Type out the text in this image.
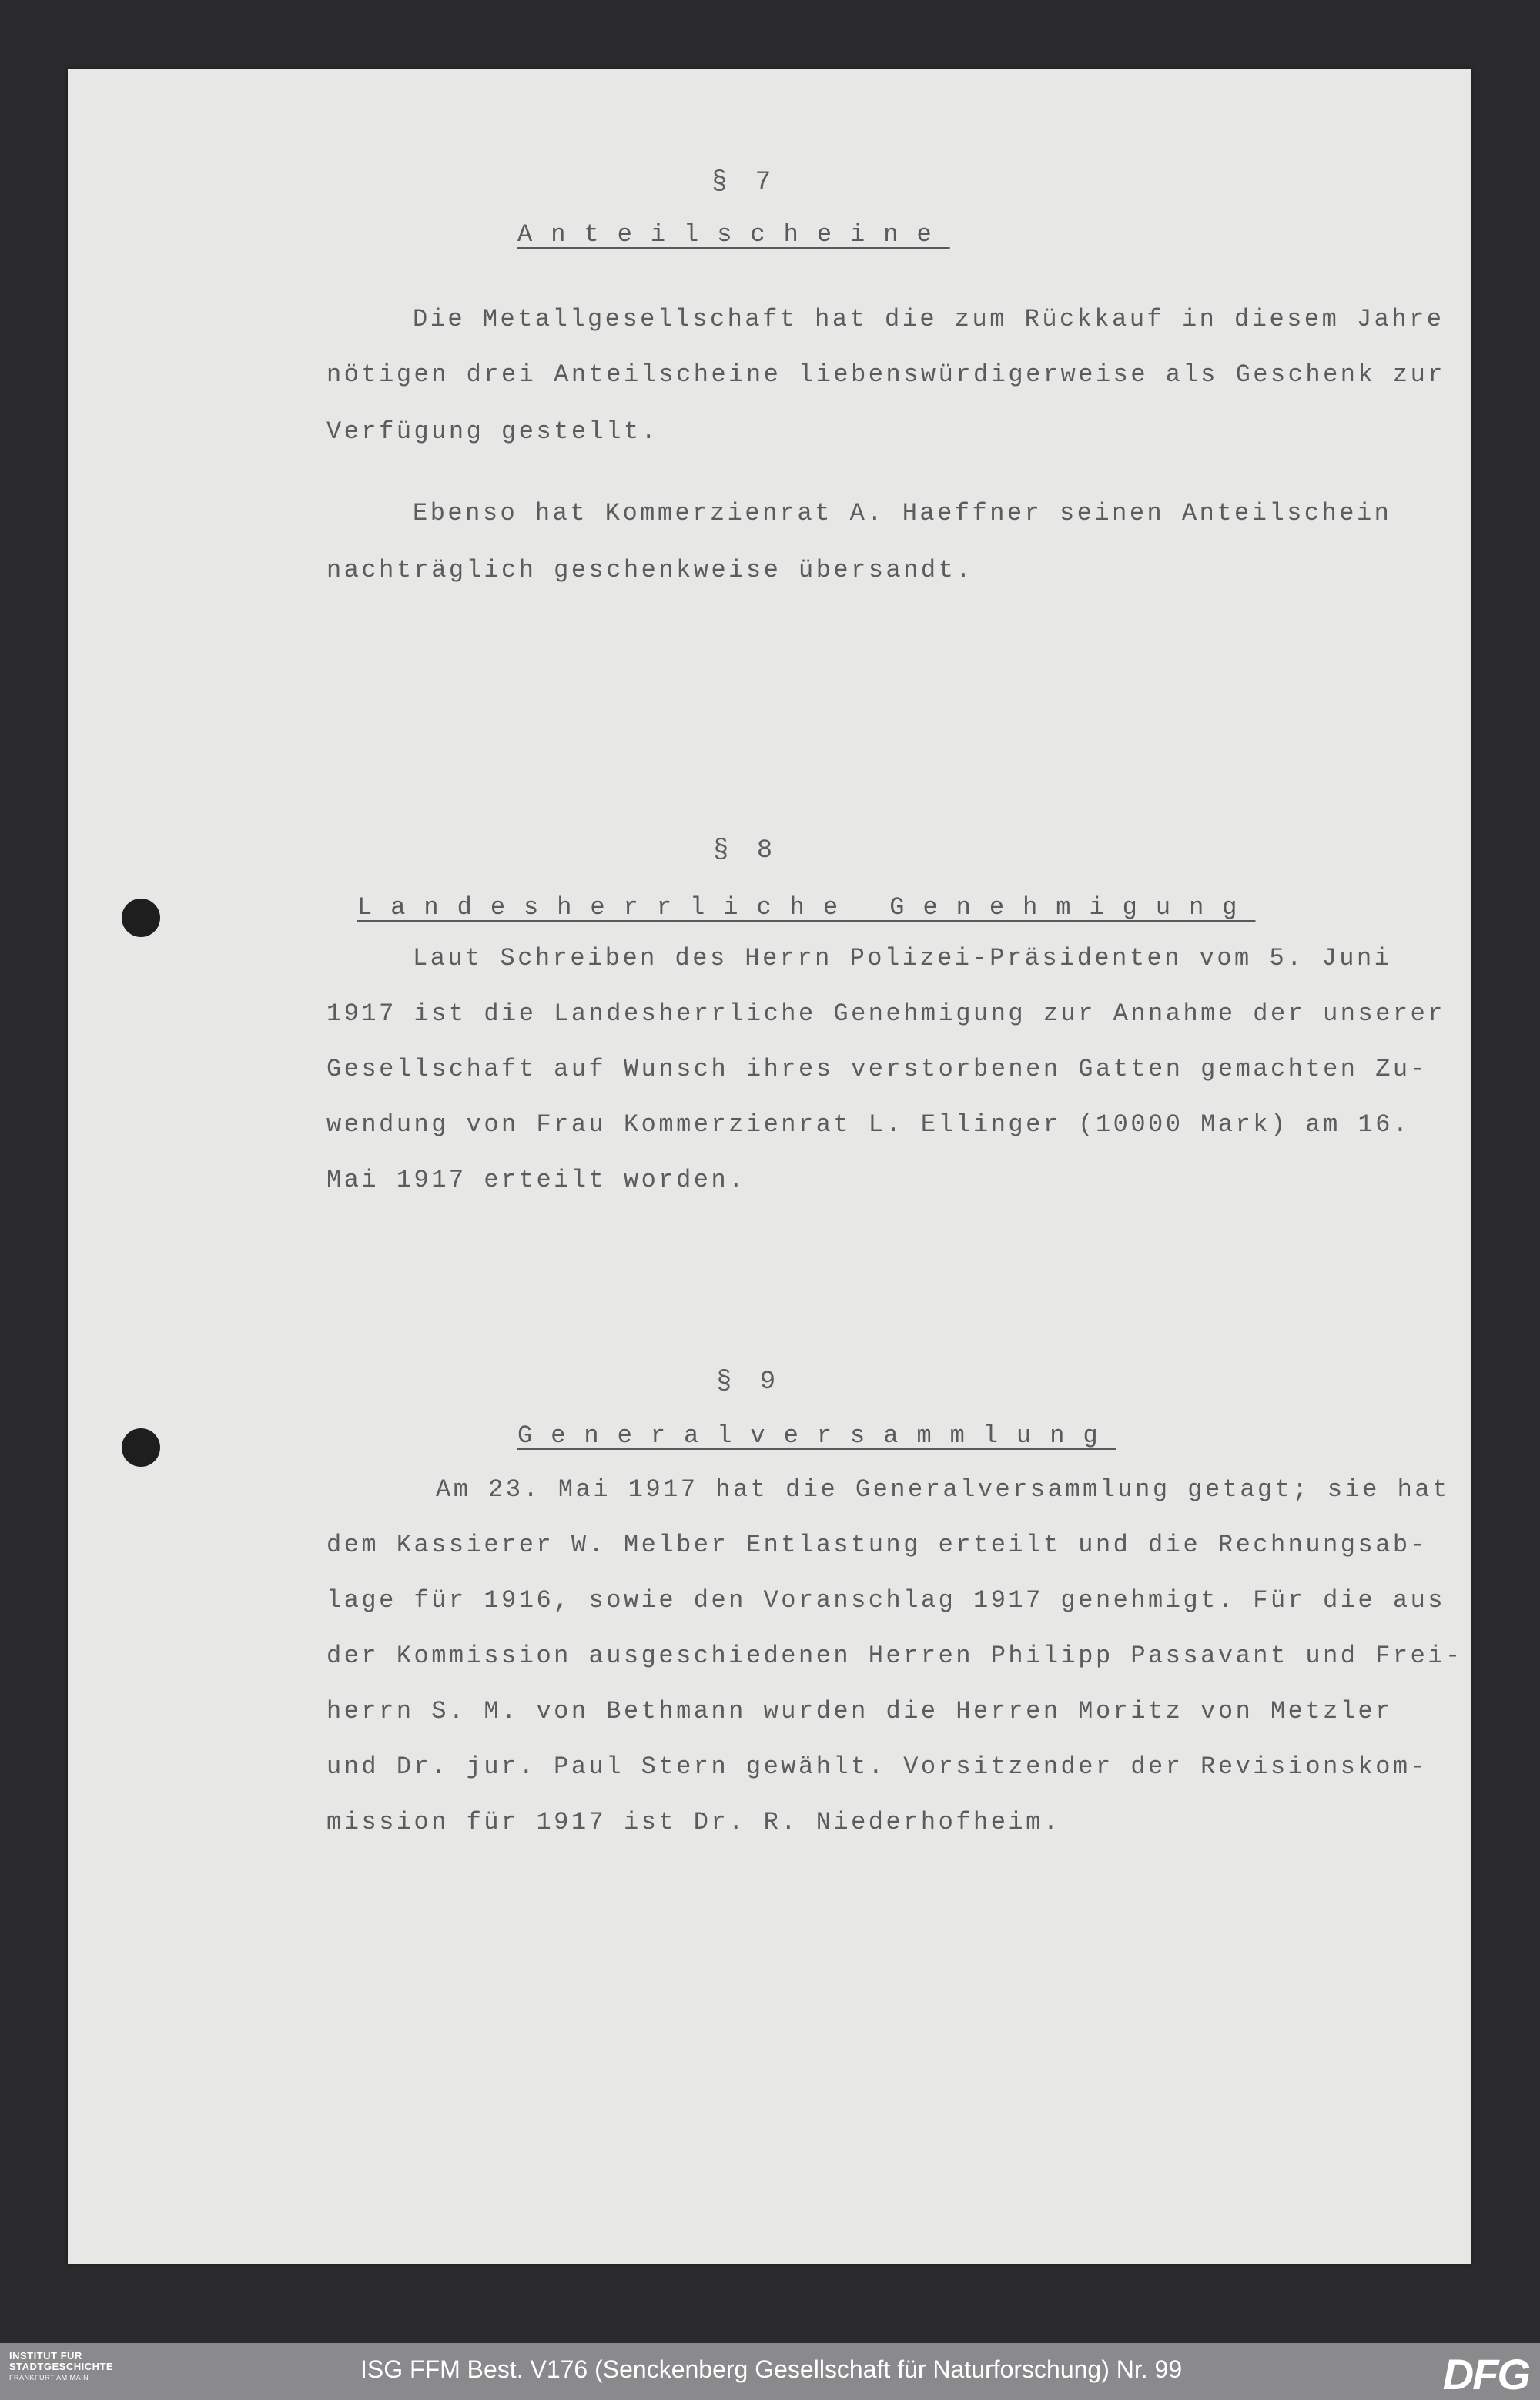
§ 7
Anteilscheine
Die Metallgesellschaft hat die zum Rückkauf in diesem Jahre
nötigen drei Anteilscheine liebenswürdigerweise als Geschenk zur
Verfügung gestellt.
Ebenso hat Kommerzienrat A. Haeffner seinen Anteilschein
nachträglich geschenkweise übersandt.
§ 8
Landesherrliche Genehmigung
Laut Schreiben des Herrn Polizei-Präsidenten vom 5. Juni
1917 ist die Landesherrliche Genehmigung zur Annahme der unserer
Gesellschaft auf Wunsch ihres verstorbenen Gatten gemachten Zu-
wendung von Frau Kommerzienrat L. Ellinger (10000 Mark) am 16.
Mai 1917 erteilt worden.
§ 9
Generalversammlung
Am 23. Mai 1917 hat die Generalversammlung getagt; sie hat
dem Kassierer W. Melber Entlastung erteilt und die Rechnungsab-
lage für 1916, sowie den Voranschlag 1917 genehmigt. Für die aus
der Kommission ausgeschiedenen Herren Philipp Passavant und Frei-
herrn S. M. von Bethmann wurden die Herren Moritz von Metzler
und Dr. jur. Paul Stern gewählt. Vorsitzender der Revisionskom-
mission für 1917 ist Dr. R. Niederhofheim.
INSTITUT FÜR
STADTGESCHICHTE
FRANKFURT AM MAIN	ISG FFM Best. V176 (Senckenberg Gesellschaft für Naturforschung) Nr. 99	DFG
